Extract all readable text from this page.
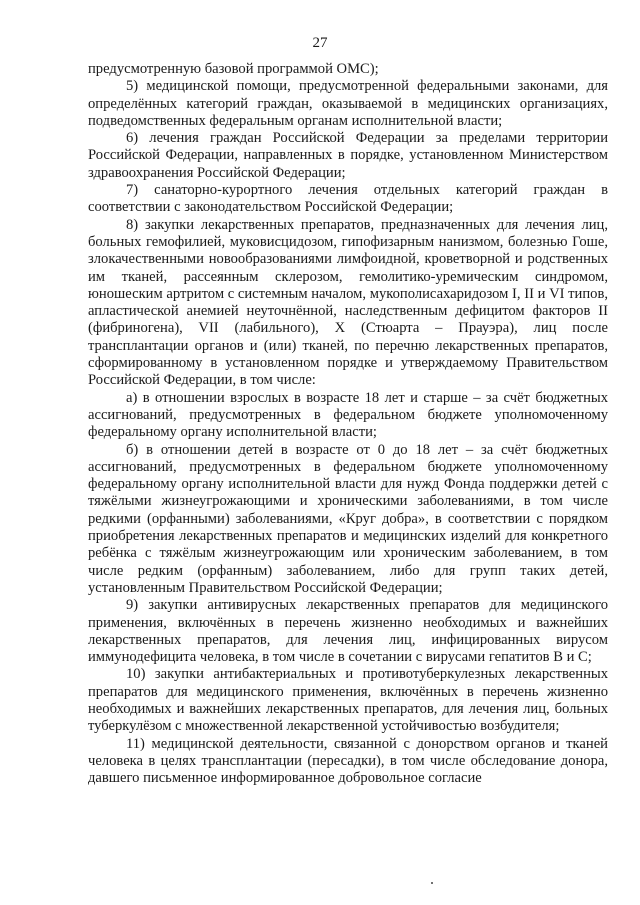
27

предусмотренную базовой программой ОМС);

5) медицинской помощи, предусмотренной федеральными законами, для определённых категорий граждан, оказываемой в медицинских организациях, подведомственных федеральным органам исполнительной власти;

6) лечения граждан Российской Федерации за пределами территории Российской Федерации, направленных в порядке, установленном Министерством здравоохранения Российской Федерации;

7) санаторно-курортного лечения отдельных категорий граждан в соответствии с законодательством Российской Федерации;

8) закупки лекарственных препаратов, предназначенных для лечения лиц, больных гемофилией, муковисцидозом, гипофизарным нанизмом, болезнью Гоше, злокачественными новообразованиями лимфоидной, кроветворной и родственных им тканей, рассеянным склерозом, гемолитико-уремическим синдромом, юношеским артритом с системным началом, мукополисахаридозом I, II и VI типов, апластической анемией неуточнённой, наследственным дефицитом факторов II (фибриногена), VII (лабильного), X (Стюарта – Прауэра), лиц после трансплантации органов и (или) тканей, по перечню лекарственных препаратов, сформированному в установленном порядке и утверждаемому Правительством Российской Федерации, в том числе:

а) в отношении взрослых в возрасте 18 лет и старше – за счёт бюджетных ассигнований, предусмотренных в федеральном бюджете уполномоченному федеральному органу исполнительной власти;

б) в отношении детей в возрасте от 0 до 18 лет – за счёт бюджетных ассигнований, предусмотренных в федеральном бюджете уполномоченному федеральному органу исполнительной власти для нужд Фонда поддержки детей с тяжёлыми жизнеугрожающими и хроническими заболеваниями, в том числе редкими (орфанными) заболеваниями, «Круг добра», в соответствии с порядком приобретения лекарственных препаратов и медицинских изделий для конкретного ребёнка с тяжёлым жизнеугрожающим или хроническим заболеванием, в том числе редким (орфанным) заболеванием, либо для групп таких детей, установленным Правительством Российской Федерации;

9) закупки антивирусных лекарственных препаратов для медицинского применения, включённых в перечень жизненно необходимых и важнейших лекарственных препаратов, для лечения лиц, инфицированных вирусом иммунодефицита человека, в том числе в сочетании с вирусами гепатитов B и C;

10) закупки антибактериальных и противотуберкулезных лекарственных препаратов для медицинского применения, включённых в перечень жизненно необходимых и важнейших лекарственных препаратов, для лечения лиц, больных туберкулёзом с множественной лекарственной устойчивостью возбудителя;

11) медицинской деятельности, связанной с донорством органов и тканей человека в целях трансплантации (пересадки), в том числе обследование донора, давшего письменное информированное добровольное согласие
